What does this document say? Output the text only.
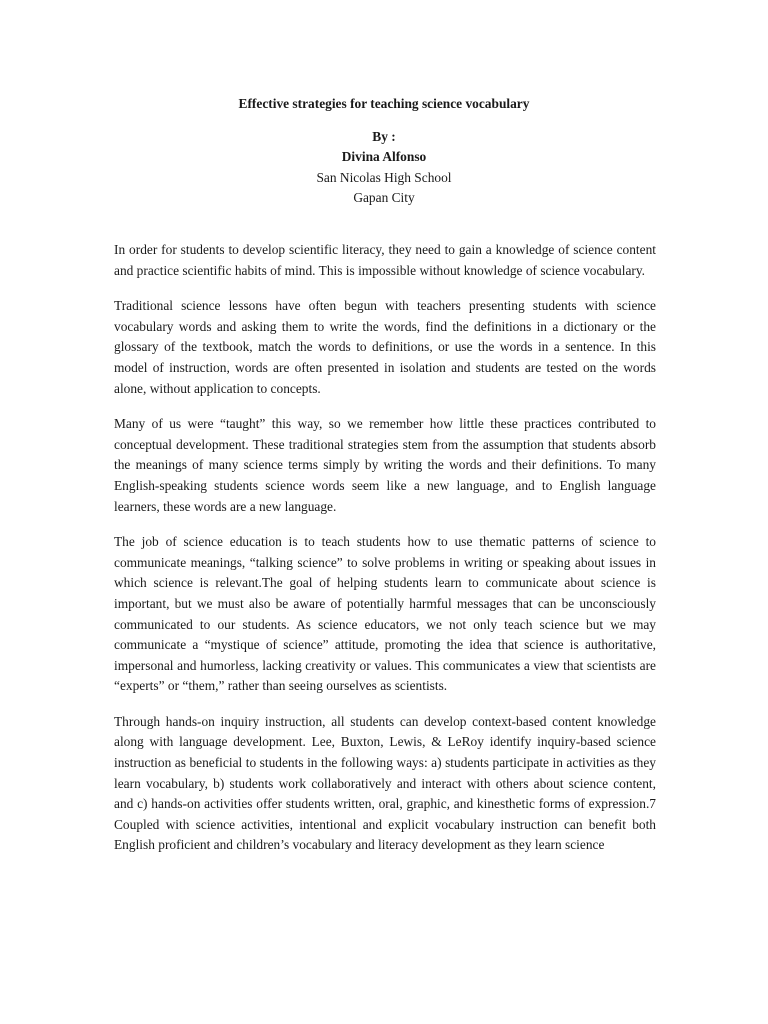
Effective strategies for teaching science vocabulary
By :
Divina Alfonso
San Nicolas High School
Gapan City

In order for students to develop scientific literacy, they need to gain a knowledge of science content and practice scientific habits of mind. This is impossible without knowledge of science vocabulary.

Traditional science lessons have often begun with teachers presenting students with science vocabulary words and asking them to write the words, find the definitions in a dictionary or the glossary of the textbook, match the words to definitions, or use the words in a sentence. In this model of instruction, words are often presented in isolation and students are tested on the words alone, without application to concepts.

Many of us were “taught” this way, so we remember how little these practices contributed to conceptual development. These traditional strategies stem from the assumption that students absorb the meanings of many science terms simply by writing the words and their definitions. To many English-speaking students science words seem like a new language, and to English language learners, these words are a new language.

The job of science education is to teach students how to use thematic patterns of science to communicate meanings, “talking science” to solve problems in writing or speaking about issues in which science is relevant.The goal of helping students learn to communicate about science is important, but we must also be aware of potentially harmful messages that can be unconsciously communicated to our students. As science educators, we not only teach science but we may communicate a “mystique of science” attitude, promoting the idea that science is authoritative, impersonal and humorless, lacking creativity or values. This communicates a view that scientists are “experts” or “them,” rather than seeing ourselves as scientists.

Through hands-on inquiry instruction, all students can develop context-based content knowledge along with language development. Lee, Buxton, Lewis, & LeRoy identify inquiry-based science instruction as beneficial to students in the following ways: a) students participate in activities as they learn vocabulary, b) students work collaboratively and interact with others about science content, and c) hands-on activities offer students written, oral, graphic, and kinesthetic forms of expression.7 Coupled with science activities, intentional and explicit vocabulary instruction can benefit both English proficient and children’s vocabulary and literacy development as they learn science
